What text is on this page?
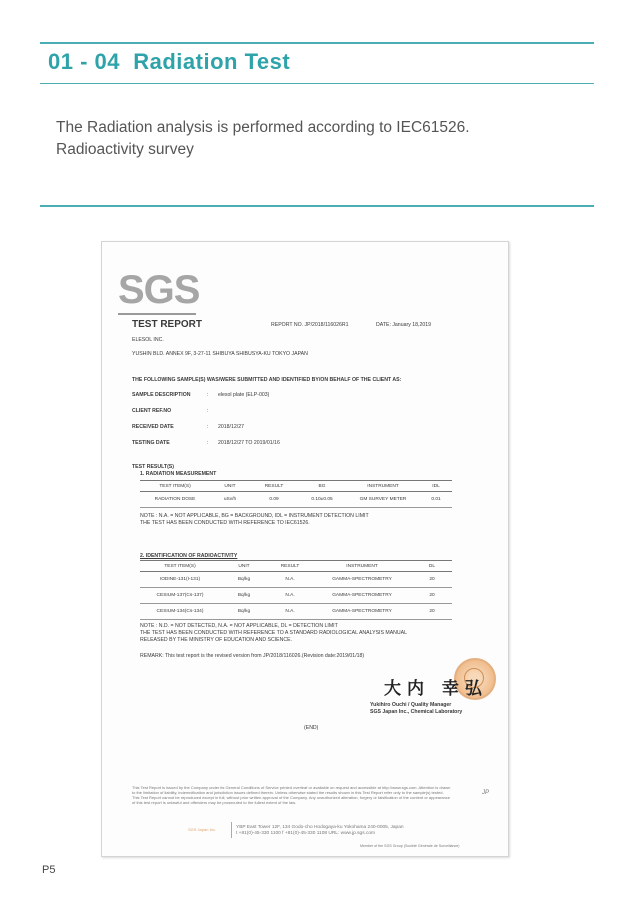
01 - 04 Radiation Test
The Radiation analysis is performed according to IEC61526.
Radioactivity survey
SGS
TEST REPORT	REPORT NO. JP/2018/116026R1	DATE: January 18,2019
ELESOL INC.
YUSHIN BLD. ANNEX 9F, 3-27-11 SHIBUYA SHIBUSYA-KU TOKYO JAPAN
THE FOLLOWING SAMPLE(S) WAS/WERE SUBMITTED AND IDENTIFIED BY/ON BEHALF OF THE CLIENT AS:
SAMPLE DESCRIPTION	: elesol plate (ELP-003)
CLIENT REF.NO	:
RECEIVED DATE	: 2018/12/27
TESTING DATE	: 2018/12/27 TO 2019/01/16
TEST RESULT(S)
1. RADIATION MEASUREMENT
TEST ITEM(S)	UNIT	RESULT	BG	INSTRUMENT	IDL
RADIATION DOSE	uSv/h	0.09	0.10±0.05	GM SURVEY METER	0.01
NOTE : N.A. = NOT APPLICABLE, BG = BACKGROUND, IDL = INSTRUMENT DETECTION LIMIT
THE TEST HAS BEEN CONDUCTED WITH REFERENCE TO IEC61526.
2. IDENTIFICATION OF RADIOACTIVITY
TEST ITEM(S)	UNIT	RESULT	INSTRUMENT	DL
IODINE-131(I-131)	Bq/kg	N.A.	GAMMA-SPECTROMETRY	20
CESIUM-137(Cs-137)	Bq/kg	N.A.	GAMMA-SPECTROMETRY	20
CESIUM-134(Cs-134)	Bq/kg	N.A.	GAMMA-SPECTROMETRY	20
NOTE : N.D. = NOT DETECTED, N.A. = NOT APPLICABLE, DL = DETECTION LIMIT
THE TEST HAS BEEN CONDUCTED WITH REFERENCE TO A STANDARD RADIOLOGICAL ANALYSIS MANUAL
RELEASED BY THE MINISTRY OF EDUCATION AND SCIENCE.
REMARK: This test report is the revised version from JP/2018/116026.(Revision date:2019/01/18)
大内 幸弘
Yukihiro Ouchi / Quality Manager
SGS Japan Inc., Chemical Laboratory
(END)
This Test Report is issued by the Company under its General Conditions of Service printed overleaf or available on request and accessible at http://www.sgs.com. Attention is drawn
to the limitation of liability, indemnification and jurisdiction issues defined therein. Unless otherwise stated the results shown in this Test Report refer only to the sample(s) tested.
This Test Report cannot be reproduced except in full, without prior written approval of the Company. Any unauthorized alteration, forgery or falsification of the content or appearance
of this test report is unlawful and offenders may be prosecuted to the fullest extent of the law.
JP
SGS Japan Inc.	YBP East Tower 12F, 134 Godo-cho Hodogaya-ku Yokohama 240-0005, Japan
t +81(0)-45-330 1100 f +81(0)-45-330 1108 URL: www.jp.sgs.com
Member of the SGS Group (Société Générale de Surveillance)
P5
